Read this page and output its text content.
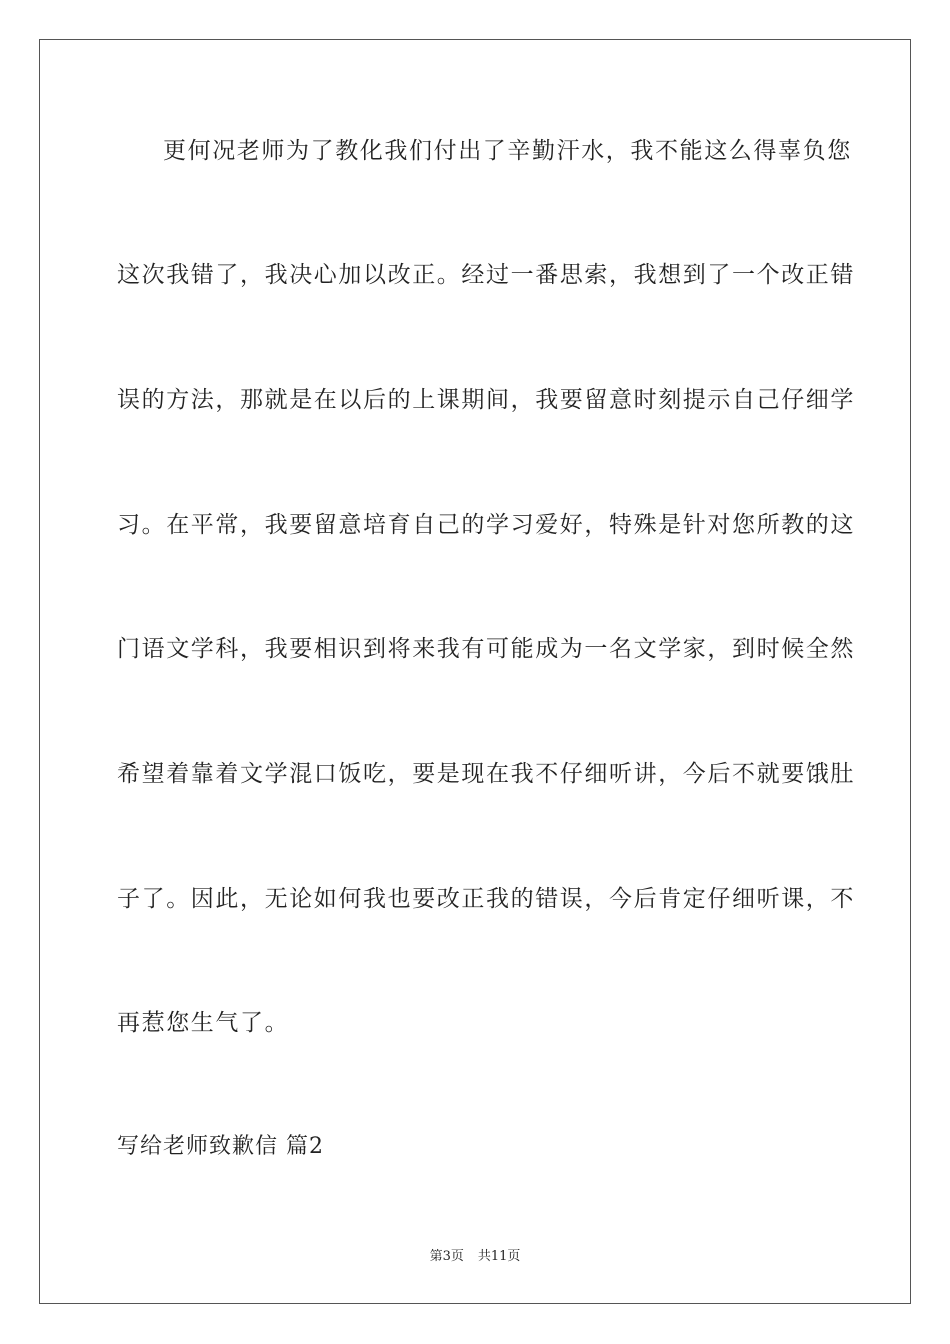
更何况老师为了教化我们付出了辛勤汗水，我不能这么得辜负您
这次我错了，我决心加以改正。经过一番思索，我想到了一个改正错
误的方法，那就是在以后的上课期间，我要留意时刻提示自己仔细学
习。在平常，我要留意培育自己的学习爱好，特殊是针对您所教的这
门语文学科，我要相识到将来我有可能成为一名文学家，到时候全然
希望着靠着文学混口饭吃，要是现在我不仔细听讲，今后不就要饿肚
子了。因此，无论如何我也要改正我的错误，今后肯定仔细听课，不
再惹您生气了。
写给老师致歉信 篇2
第3页 共11页
